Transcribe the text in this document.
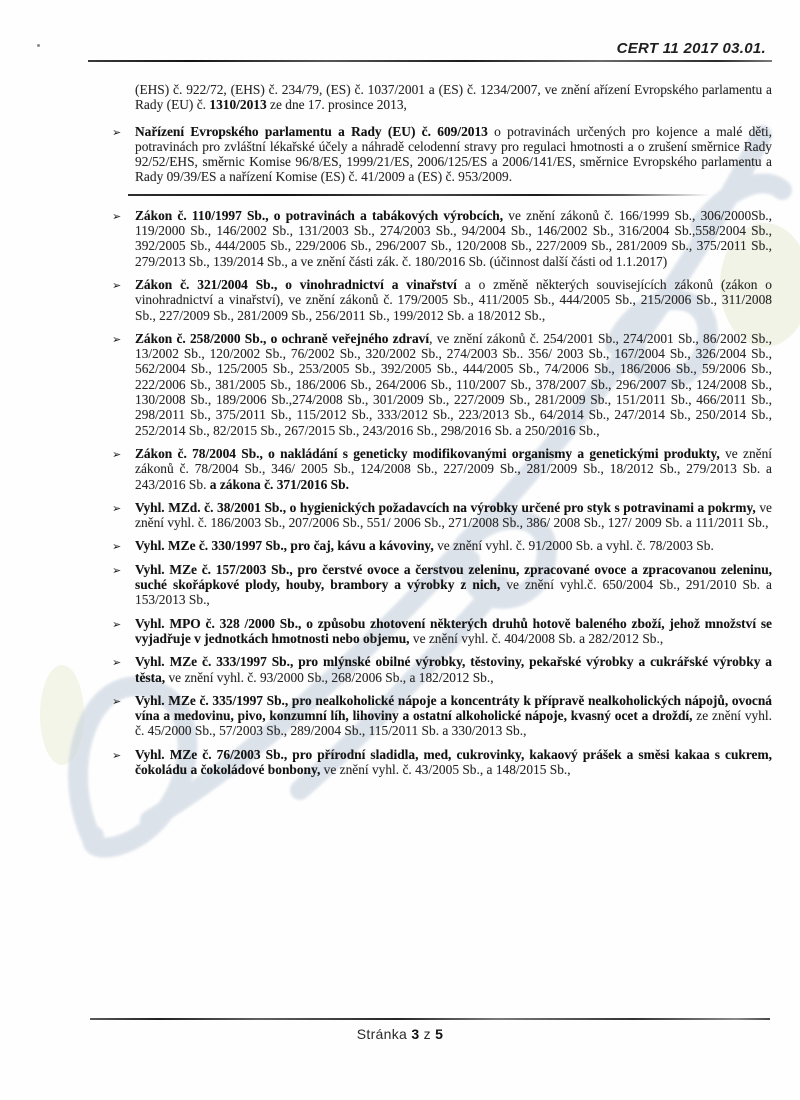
CERT 11 2017 03.01.

(EHS) č. 922/72, (EHS) č. 234/79, (ES) č. 1037/2001 a (ES) č. 1234/2007, ve znění ařízení Evropského parlamentu a Rady (EU) č. 1310/2013 ze dne 17. prosince 2013,

➢	Nařízení Evropského parlamentu a Rady (EU) č. 609/2013 o potravinách určených pro kojence a malé děti, potravinách pro zvláštní lékařské účely a náhradě celodenní stravy pro regulaci hmotnosti a o zrušení směrnice Rady 92/52/EHS, směrnic Komise 96/8/ES, 1999/21/ES, 2006/125/ES a 2006/141/ES, směrnice Evropského parlamentu a Rady 09/39/ES a nařízení Komise (ES) č. 41/2009 a (ES) č. 953/2009.

➢	Zákon č. 110/1997 Sb., o potravinách a tabákových výrobcích, ve znění zákonů č. 166/1999 Sb., 306/2000Sb., 119/2000 Sb., 146/2002 Sb., 131/2003 Sb., 274/2003 Sb., 94/2004 Sb., 146/2002 Sb., 316/2004 Sb.,558/2004 Sb., 392/2005 Sb., 444/2005 Sb., 229/2006 Sb., 296/2007 Sb., 120/2008 Sb., 227/2009 Sb., 281/2009 Sb., 375/2011 Sb., 279/2013 Sb., 139/2014 Sb., a ve znění části zák. č. 180/2016 Sb. (účinnost další části od 1.1.2017)

➢	Zákon č. 321/2004 Sb., o vinohradnictví a vinařství a o změně některých souvisejících zákonů (zákon o vinohradnictví a vinařství), ve znění zákonů č. 179/2005 Sb., 411/2005 Sb., 444/2005 Sb., 215/2006 Sb., 311/2008 Sb., 227/2009 Sb., 281/2009 Sb., 256/2011 Sb., 199/2012 Sb. a 18/2012 Sb.,

➢	Zákon č. 258/2000 Sb., o ochraně veřejného zdraví, ve znění zákonů č. 254/2001 Sb., 274/2001 Sb., 86/2002 Sb., 13/2002 Sb., 120/2002 Sb., 76/2002 Sb., 320/2002 Sb., 274/2003 Sb.. 356/ 2003 Sb., 167/2004 Sb., 326/2004 Sb., 562/2004 Sb., 125/2005 Sb., 253/2005 Sb., 392/2005 Sb., 444/2005 Sb., 74/2006 Sb., 186/2006 Sb., 59/2006 Sb., 222/2006 Sb., 381/2005 Sb., 186/2006 Sb., 264/2006 Sb., 110/2007 Sb., 378/2007 Sb., 296/2007 Sb., 124/2008 Sb., 130/2008 Sb., 189/2006 Sb.,274/2008 Sb., 301/2009 Sb., 227/2009 Sb., 281/2009 Sb., 151/2011 Sb., 466/2011 Sb., 298/2011 Sb., 375/2011 Sb., 115/2012 Sb., 333/2012 Sb., 223/2013 Sb., 64/2014 Sb., 247/2014 Sb., 250/2014 Sb., 252/2014 Sb., 82/2015 Sb., 267/2015 Sb., 243/2016 Sb., 298/2016 Sb. a 250/2016 Sb.,

➢	Zákon č. 78/2004 Sb., o nakládání s geneticky modifikovanými organismy a genetickými produkty, ve znění zákonů č. 78/2004 Sb., 346/ 2005 Sb., 124/2008 Sb., 227/2009 Sb., 281/2009 Sb., 18/2012 Sb., 279/2013 Sb. a 243/2016 Sb. a zákona č. 371/2016 Sb.

➢	Vyhl. MZd. č. 38/2001 Sb., o hygienických požadavcích na výrobky určené pro styk s potravinami a pokrmy, ve znění vyhl. č. 186/2003 Sb., 207/2006 Sb., 551/ 2006 Sb., 271/2008 Sb., 386/ 2008 Sb., 127/ 2009 Sb. a 111/2011 Sb.,

➢	Vyhl. MZe č. 330/1997 Sb., pro čaj, kávu a kávoviny, ve znění vyhl. č. 91/2000 Sb. a vyhl. č. 78/2003 Sb.

➢	Vyhl. MZe č. 157/2003 Sb., pro čerstvé ovoce a čerstvou zeleninu, zpracované ovoce a zpracovanou zeleninu, suché skořápkové plody, houby, brambory a výrobky z nich, ve znění vyhl.č. 650/2004 Sb., 291/2010 Sb. a 153/2013 Sb.,

➢	Vyhl. MPO č. 328 /2000 Sb., o způsobu zhotovení některých druhů hotově baleného zboží, jehož množství se vyjadřuje v jednotkách hmotnosti nebo objemu, ve znění vyhl. č. 404/2008 Sb. a 282/2012 Sb.,

➢	Vyhl. MZe č. 333/1997 Sb., pro mlýnské obilné výrobky, těstoviny, pekařské výrobky a cukrářské výrobky a těsta, ve znění vyhl. č. 93/2000 Sb., 268/2006 Sb., a 182/2012 Sb.,

➢	Vyhl. MZe č. 335/1997 Sb., pro nealkoholické nápoje a koncentráty k přípravě nealkoholických nápojů, ovocná vína a medovinu, pivo, konzumní líh, lihoviny a ostatní alkoholické nápoje, kvasný ocet a droždí, ze znění vyhl. č. 45/2000 Sb., 57/2003 Sb., 289/2004 Sb., 115/2011 Sb. a 330/2013 Sb.,

➢	Vyhl. MZe č. 76/2003 Sb., pro přírodní sladidla, med, cukrovinky, kakaový prášek a směsi kakaa s cukrem, čokoládu a čokoládové bonbony, ve znění vyhl. č. 43/2005 Sb., a 148/2015 Sb.,

Stránka 3 z 5
